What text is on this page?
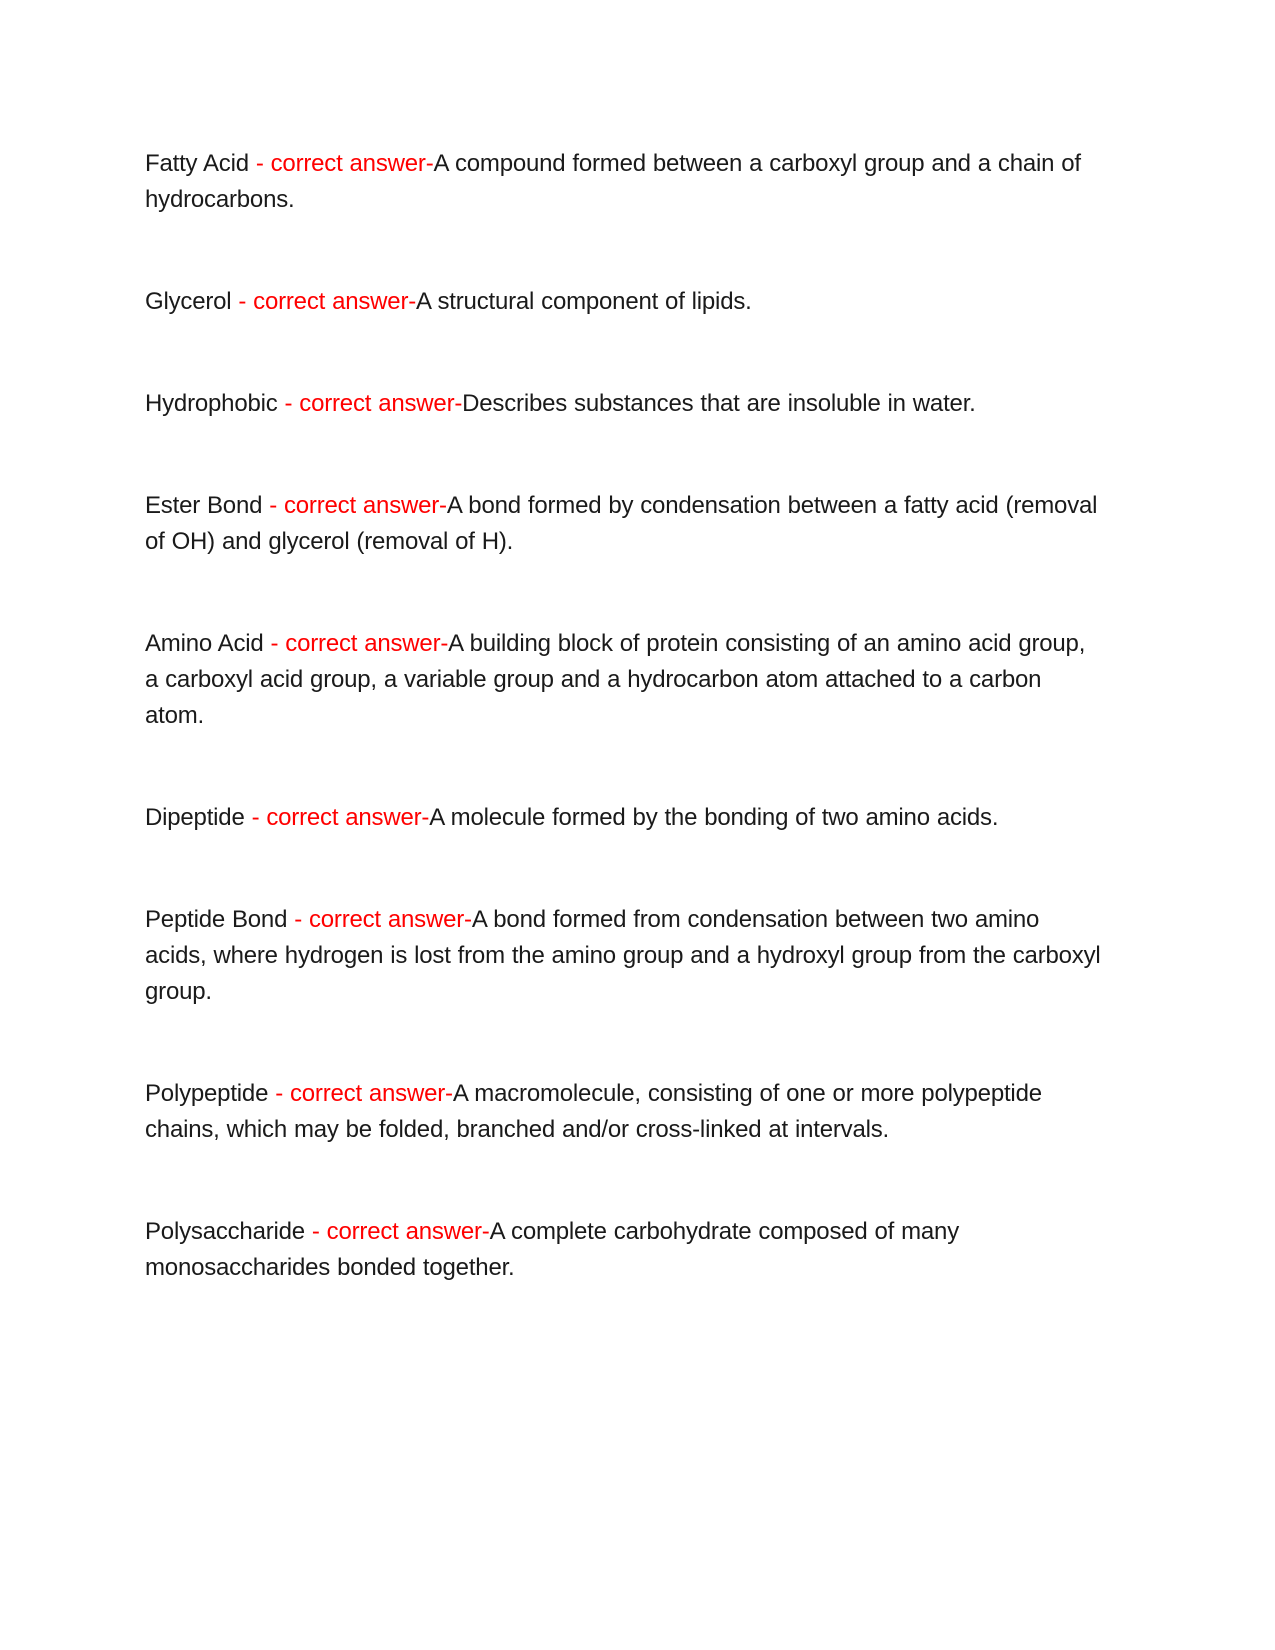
Fatty Acid - correct answer-A compound formed between a carboxyl group and a chain of hydrocarbons.

Glycerol - correct answer-A structural component of lipids.

Hydrophobic - correct answer-Describes substances that are insoluble in water.

Ester Bond - correct answer-A bond formed by condensation between a fatty acid (removal of OH) and glycerol (removal of H).

Amino Acid - correct answer-A building block of protein consisting of an amino acid group, a carboxyl acid group, a variable group and a hydrocarbon atom attached to a carbon atom.

Dipeptide - correct answer-A molecule formed by the bonding of two amino acids.

Peptide Bond - correct answer-A bond formed from condensation between two amino acids, where hydrogen is lost from the amino group and a hydroxyl group from the carboxyl group.

Polypeptide - correct answer-A macromolecule, consisting of one or more polypeptide chains, which may be folded, branched and/or cross-linked at intervals.

Polysaccharide - correct answer-A complete carbohydrate composed of many monosaccharides bonded together.
